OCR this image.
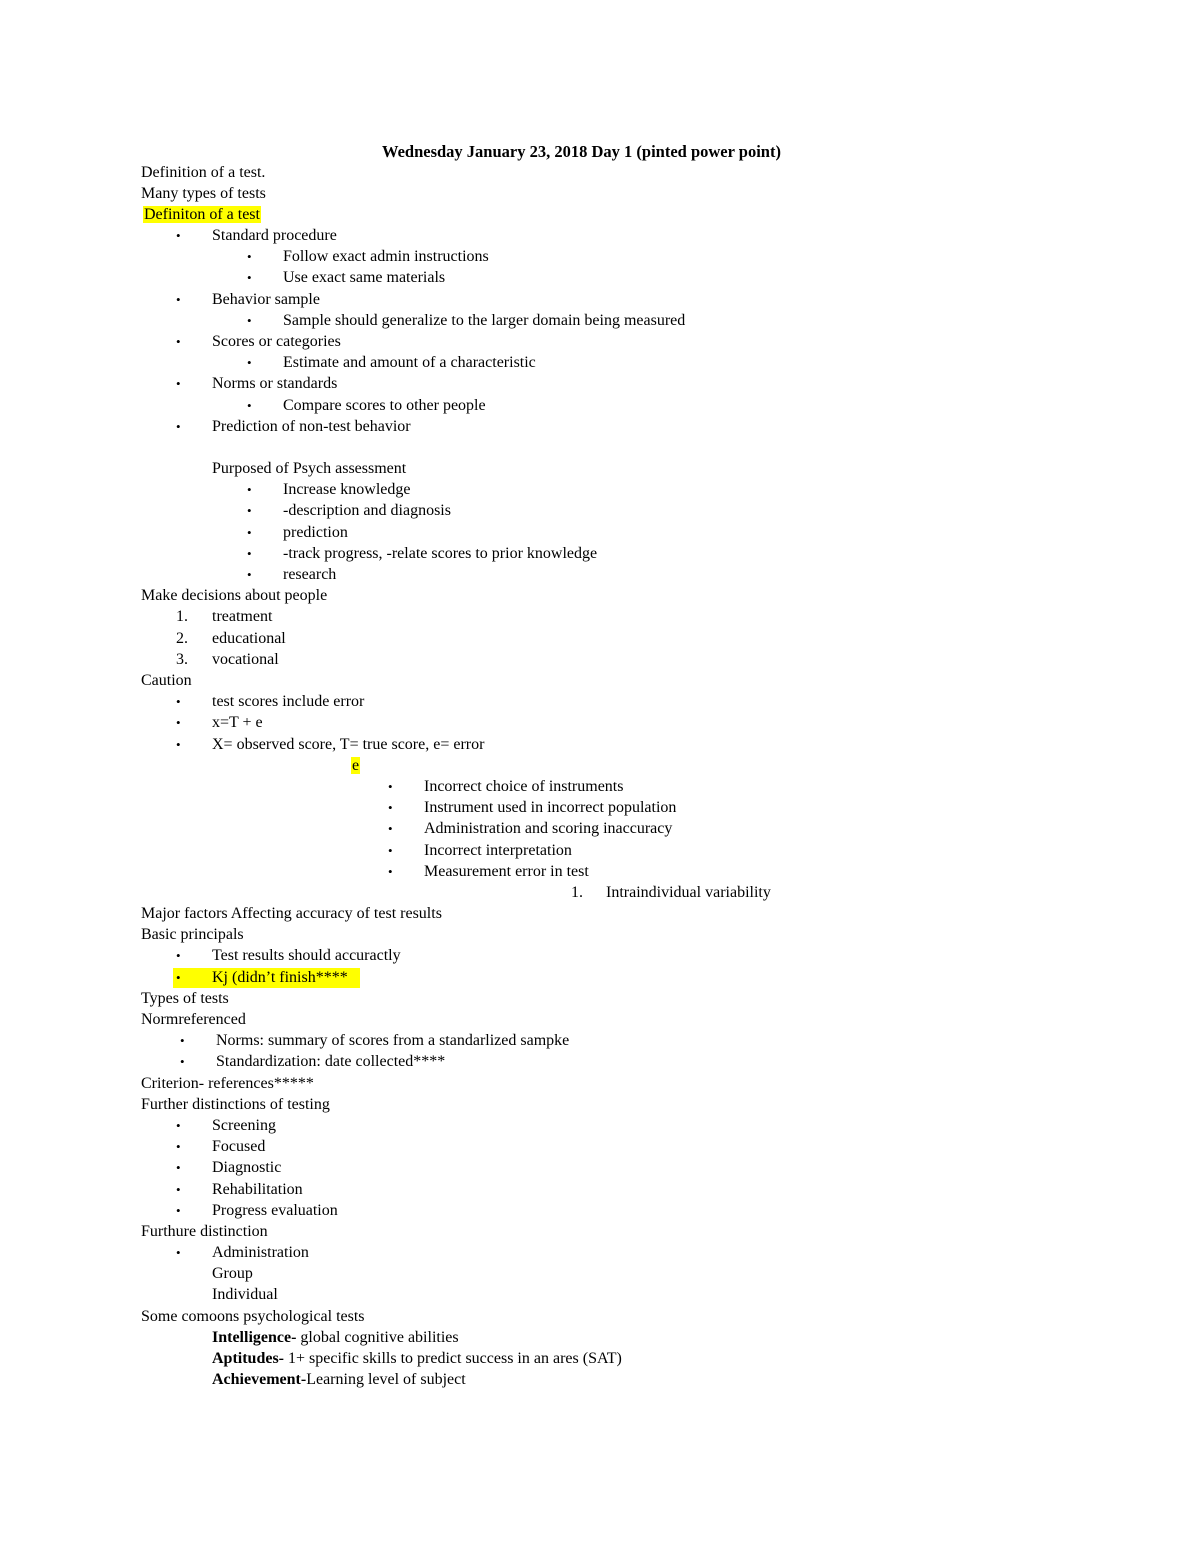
Wednesday January 23, 2018 Day 1 (pinted power point)
Definition of a test.
Many types of tests
Definiton of a test
• Standard procedure
• Follow exact admin instructions
• Use exact same materials
• Behavior sample
• Sample should generalize to the larger domain being measured
• Scores or categories
• Estimate and amount of a characteristic
• Norms or standards
• Compare scores to other people
• Prediction of non-test behavior
Purposed of Psych assessment
• Increase knowledge
• -description and diagnosis
• prediction
• -track progress, -relate scores to prior knowledge
• research
Make decisions about people
1. treatment
2. educational
3. vocational
Caution
• test scores include error
• x=T + e
• X= observed score, T= true score, e= error
e
• Incorrect choice of instruments
• Instrument used in incorrect population
• Administration and scoring inaccuracy
• Incorrect interpretation
• Measurement error in test
1. Intraindividual variability
Major factors Affecting accuracy of test results
Basic principals
• Test results should accuractly
• Kj (didn’t finish****
Types of tests
Normreferenced
• Norms: summary of scores from a standarlized sampke
• Standardization: date collected****
Criterion- references*****
Further distinctions of testing
• Screening
• Focused
• Diagnostic
• Rehabilitation
• Progress evaluation
Furthure distinction
• Administration
Group
Individual
Some comoons psychological tests
Intelligence- global cognitive abilities
Aptitudes- 1+ specific skills to predict success in an ares (SAT)
Achievement-Learning level of subject
